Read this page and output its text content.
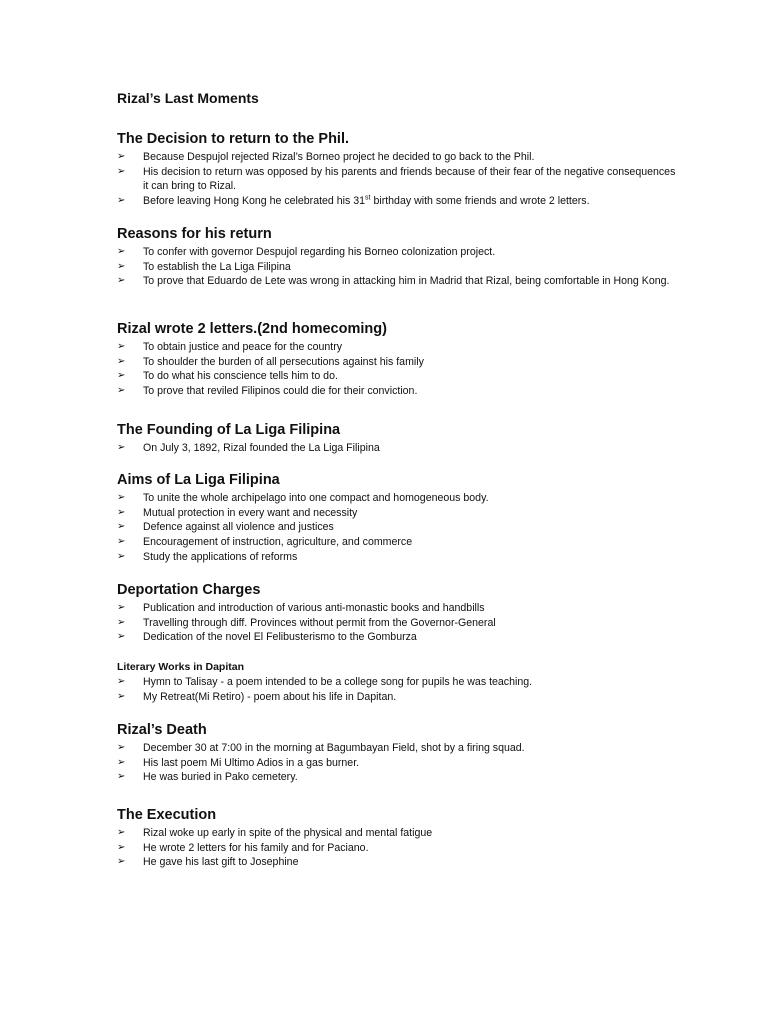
Rizal’s Last Moments
The Decision to return to the Phil.
➢ Because Despujol rejected Rizal’s Borneo project he decided to go back to the Phil.
➢ His decision to return was opposed by his parents and friends because of their fear of the negative consequences it can bring to Rizal.
➢ Before leaving Hong Kong he celebrated his 31st birthday with some friends and wrote 2 letters.
Reasons for his return
➢ To confer with governor Despujol regarding his Borneo colonization project.
➢ To establish the La Liga Filipina
➢ To prove that Eduardo de Lete was wrong in attacking him in Madrid that Rizal, being comfortable in Hong Kong.
Rizal wrote 2 letters.(2nd homecoming)
➢ To obtain justice and peace for the country
➢ To shoulder the burden of all persecutions against his family
➢ To do what his conscience tells him to do.
➢ To prove that reviled Filipinos could die for their conviction.
The Founding of La Liga Filipina
➢ On July 3, 1892, Rizal founded the La Liga Filipina
Aims of La Liga Filipina
➢ To unite the whole archipelago into one compact and homogeneous body.
➢ Mutual protection in every want and necessity
➢ Defence against all violence and justices
➢ Encouragement of instruction, agriculture, and commerce
➢ Study the applications of reforms
Deportation Charges
➢ Publication and introduction of various anti-monastic books and handbills
➢ Travelling through diff. Provinces without permit from the Governor-General
➢ Dedication of the novel El Felibusterismo to the Gomburza
Literary Works in Dapitan
➢ Hymn to Talisay - a poem intended to be a college song for pupils he was teaching.
➢ My Retreat(Mi Retiro) - poem about his life in Dapitan.
Rizal’s Death
➢ December 30 at 7:00 in the morning at Bagumbayan Field, shot by a firing squad.
➢ His last poem Mi Ultimo Adios in a gas burner.
➢ He was buried in Pako cemetery.
The Execution
➢ Rizal woke up early in spite of the physical and mental fatigue
➢ He wrote 2 letters for his family and for Paciano.
➢ He gave his last gift to Josephine
